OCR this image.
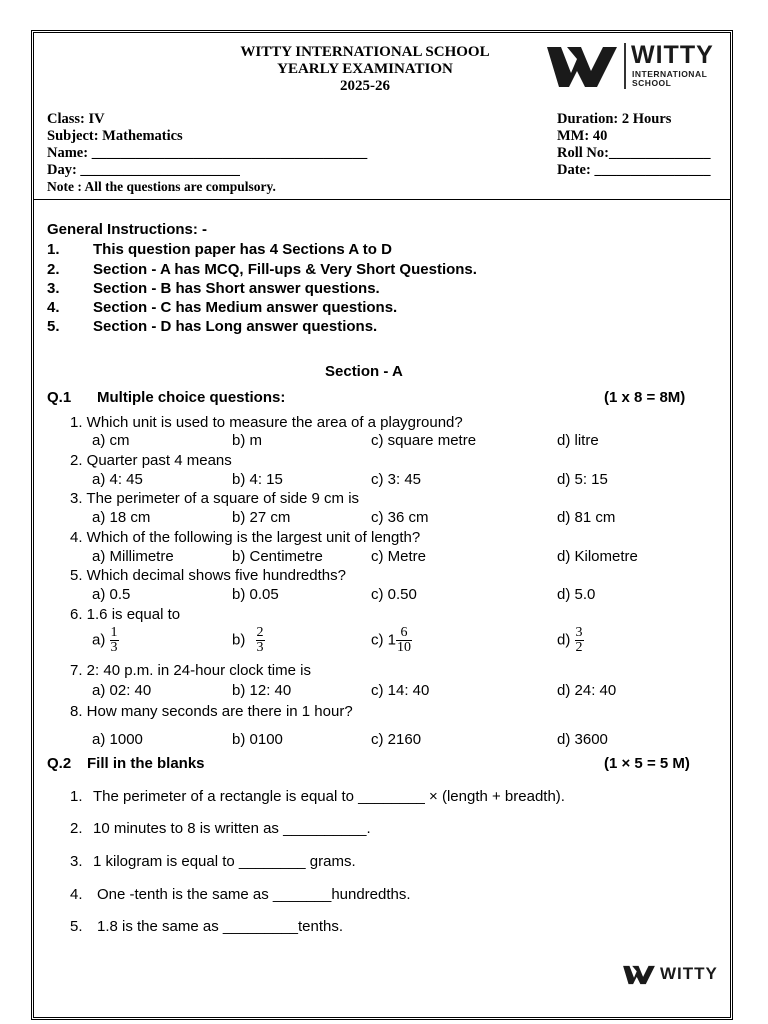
WITTY INTERNATIONAL SCHOOL
YEARLY EXAMINATION
2025-26
WITTY
INTERNATIONAL
SCHOOL
Class: IV
Subject: Mathematics
Name: ______________________________________
Day: ______________________
Note : All the questions are compulsory.
Duration: 2 Hours
MM: 40
Roll No:______________
Date: ________________
General Instructions: -
1. This question paper has 4 Sections A to D
2. Section - A has MCQ, Fill-ups & Very Short Questions.
3. Section - B has Short answer questions.
4. Section - C has Medium answer questions.
5. Section - D has Long answer questions.
Section - A
Q.1 Multiple choice questions:	(1 x 8 = 8M)
1. Which unit is used to measure the area of a playground?
a) cm	b) m	c) square metre	d) litre
2. Quarter past 4 means
a) 4: 45	b) 4: 15	c) 3: 45	d) 5: 15
3. The perimeter of a square of side 9 cm is
a) 18 cm	b) 27 cm	c) 36 cm	d) 81 cm
4. Which of the following is the largest unit of length?
a) Millimetre	b) Centimetre	c) Metre	d) Kilometre
5. Which decimal shows five hundredths?
a) 0.5	b) 0.05	c) 0.50	d) 5.0
6. 1.6 is equal to
$a) \frac{1}{3}$	$b) \frac{2}{3}$	c) $1 \frac{6}{10}$	$d) \frac{3}{2}$
7. 2: 40 p.m. in 24-hour clock time is
a) 02: 40	b) 12: 40	c) 14: 40	d) 24: 40
8. How many seconds are there in 1 hour?
a) 1000	b) 0100	c) 2160	d) 3600
Q.2 Fill in the blanks	(1 × 5 = 5 M)
1. The perimeter of a rectangle is equal to ________ × (length + breadth).
2. 10 minutes to 8 is written as __________.
3. 1 kilogram is equal to ________ grams.
4. One -tenth is the same as _______hundredths.
5. 1.8 is the same as _________tenths.
WITTY
